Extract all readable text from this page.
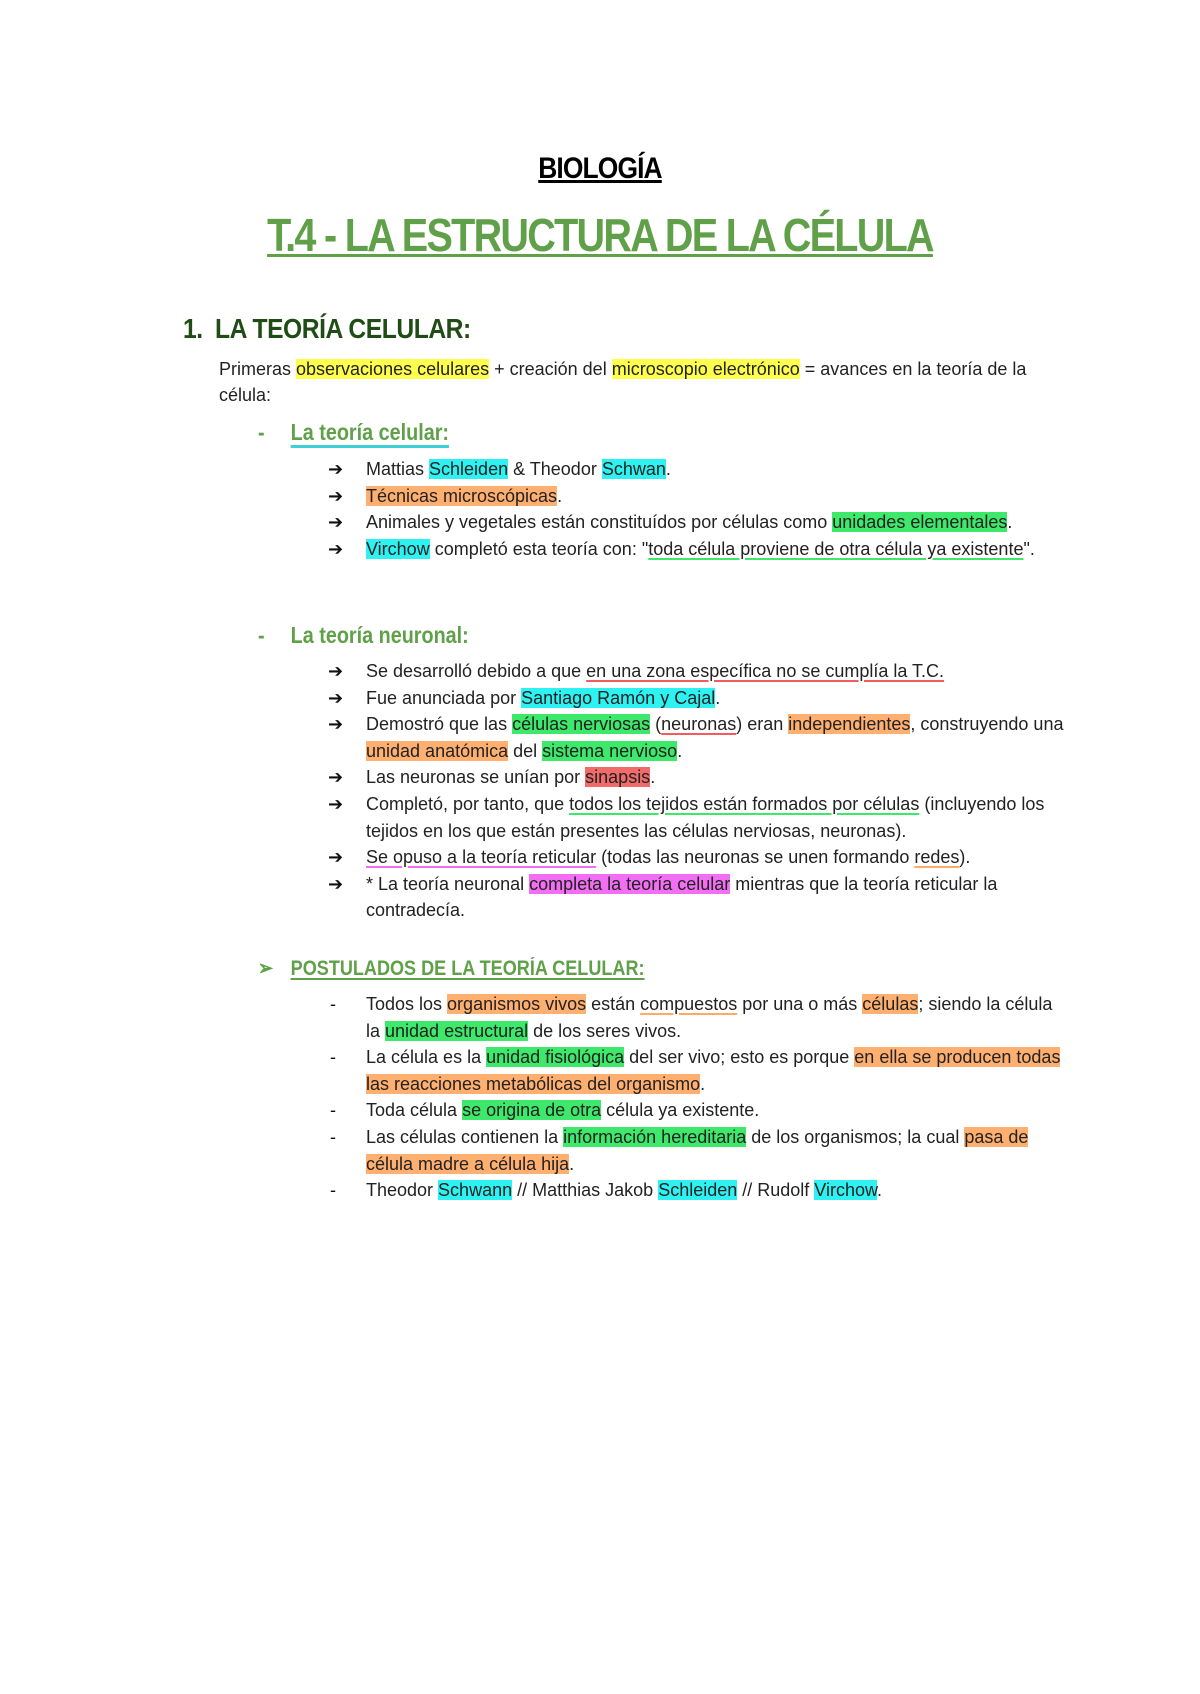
BIOLOGÍA
T.4 - LA ESTRUCTURA DE LA CÉLULA
1. LA TEORÍA CELULAR:
Primeras observaciones celulares + creación del microscopio electrónico = avances en la teoría de la célula:
- La teoría celular:
➔ Mattias Schleiden & Theodor Schwan.
➔ Técnicas microscópicas.
➔ Animales y vegetales están constituídos por células como unidades elementales.
➔ Virchow completó esta teoría con: "toda célula proviene de otra célula ya existente".
- La teoría neuronal:
➔ Se desarrolló debido a que en una zona específica no se cumplía la T.C.
➔ Fue anunciada por Santiago Ramón y Cajal.
➔ Demostró que las células nerviosas (neuronas) eran independientes, construyendo una unidad anatómica del sistema nervioso.
➔ Las neuronas se unían por sinapsis.
➔ Completó, por tanto, que todos los tejidos están formados por células (incluyendo los tejidos en los que están presentes las células nerviosas, neuronas).
➔ Se opuso a la teoría reticular (todas las neuronas se unen formando redes).
➔ * La teoría neuronal completa la teoría celular mientras que la teoría reticular la contradecía.
➢ POSTULADOS DE LA TEORÍA CELULAR:
- Todos los organismos vivos están compuestos por una o más células; siendo la célula la unidad estructural de los seres vivos.
- La célula es la unidad fisiológica del ser vivo; esto es porque en ella se producen todas las reacciones metabólicas del organismo.
- Toda célula se origina de otra célula ya existente.
- Las células contienen la información hereditaria de los organismos; la cual pasa de célula madre a célula hija.
- Theodor Schwann // Matthias Jakob Schleiden // Rudolf Virchow.
